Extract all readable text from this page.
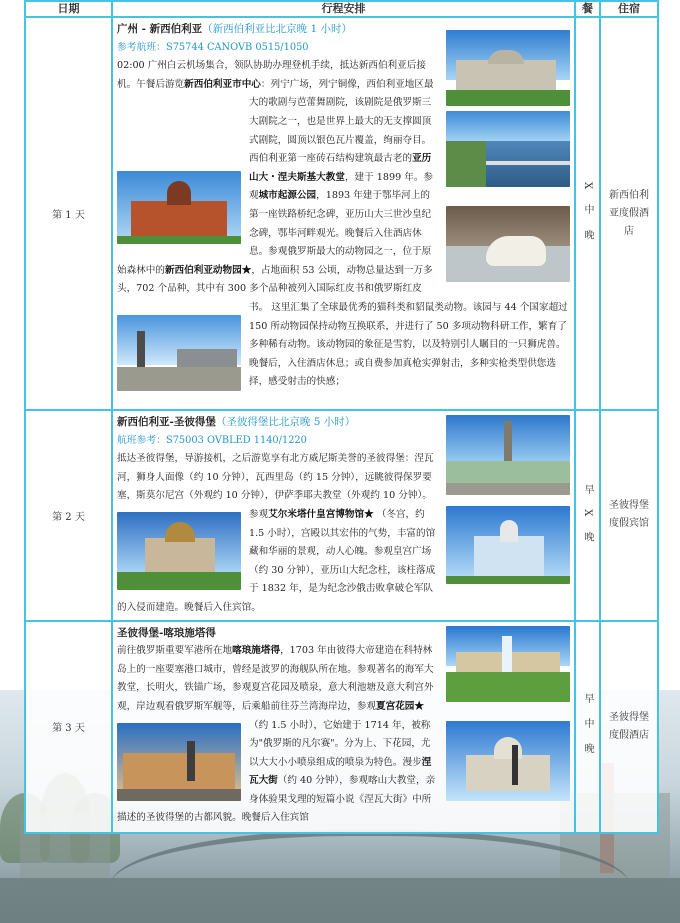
日期	行程安排	餐	住宿
第 1 天	广州 - 新西伯利亚（新西伯利亚比北京晚 1 小时）
参考航班：S75744 CANOVB 0515/1050
02:00 广州白云机场集合，领队协助办理登机手续，抵达新西伯利亚后接机。午餐后游览新西伯利亚市中心：列宁广场，列宁铜像，西伯利亚地区最大的歌剧与芭蕾舞剧院，该剧院是俄罗斯三大剧院之一，也是世界上最大的无支撑圆顶式剧院，圆顶以银色瓦片覆盖，绚丽夺目。西伯利亚第一座砖石结构建筑最古老的亚历山大・涅夫斯基大教堂，建于 1899 年。参观城市起源公园，1893 年建于鄂毕河上的第一座铁路桥纪念碑，亚历山大三世沙皇纪念碑，鄂毕河畔观光。晚餐后入住酒店休息。参观俄罗斯最大的动物园之一，位于原始森林中的新西伯利亚动物园★，占地面积 53 公顷，动物总量达到一万多头，702 个品种，其中有 300 多个品种被列入国际红皮书和俄罗斯红皮书。 这里汇集了全球最优秀的猫科类和貂鼠类动物。该园与 44 个国家超过 150 所动物园保持动物互换联系，并进行了 50 多项动物科研工作，繁育了多种稀有动物。该动物园的象征是雪豹，以及特别引人瞩目的一只狮虎兽。晚餐后，入住酒店休息；或自费参加真枪实弹射击，多种实枪类型供您选择，感受射击的快感；	X 中 晚	新西伯利亚度假酒店
第 2 天	新西伯利亚-圣彼得堡（圣彼得堡比北京晚 5 小时）
航班参考：S75003 OVBLED 1140/1220
抵达圣彼得堡，导游接机，之后游览享有北方威尼斯美誉的圣彼得堡：涅瓦河，狮身人面像（约 10 分钟），瓦西里岛（约 15 分钟），远眺彼得保罗要塞，斯莫尔尼宫（外观约 10 分钟），伊萨季耶夫教堂（外观约 10 分钟）。参观艾尔米塔什皇宫博物馆★ （冬宫，约 1.5 小时），宫殿以其宏伟的气势，丰富的馆藏和华丽的景观，动人心魄。参观皇宫广场（约 30 分钟），亚历山大纪念柱，该柱落成于 1832 年，是为纪念沙俄击败拿破仑军队的入侵而建造。晚餐后入住宾馆。	早 X 晚	圣彼得堡度假宾馆
第 3 天	圣彼得堡-喀琅施塔得
前往俄罗斯重要军港所在地喀琅施塔得，1703 年由彼得大帝建造在科特林岛上的一座要塞港口城市，曾经是波罗的海舰队所在地。参观著名的海军大教堂，长明火，铁锚广场，参观夏宫花园及喷泉，意大利池塘及意大利宫外观，岸边观看俄罗斯军舰等，后乘船前往芬兰湾海岸边，参观夏宫花园★
（约 1.5 小时），它始建于 1714 年，被称为"俄罗斯的凡尔赛"。分为上、下花园，尤以大大小小喷泉组成的喷泉为特色。漫步涅瓦大街（约 40 分钟），参观喀山大教堂，亲身体验果戈理的短篇小说《涅瓦大街》中所描述的圣彼得堡的古都风貌。晚餐后入住宾馆	早 中 晚	圣彼得堡度假酒店
